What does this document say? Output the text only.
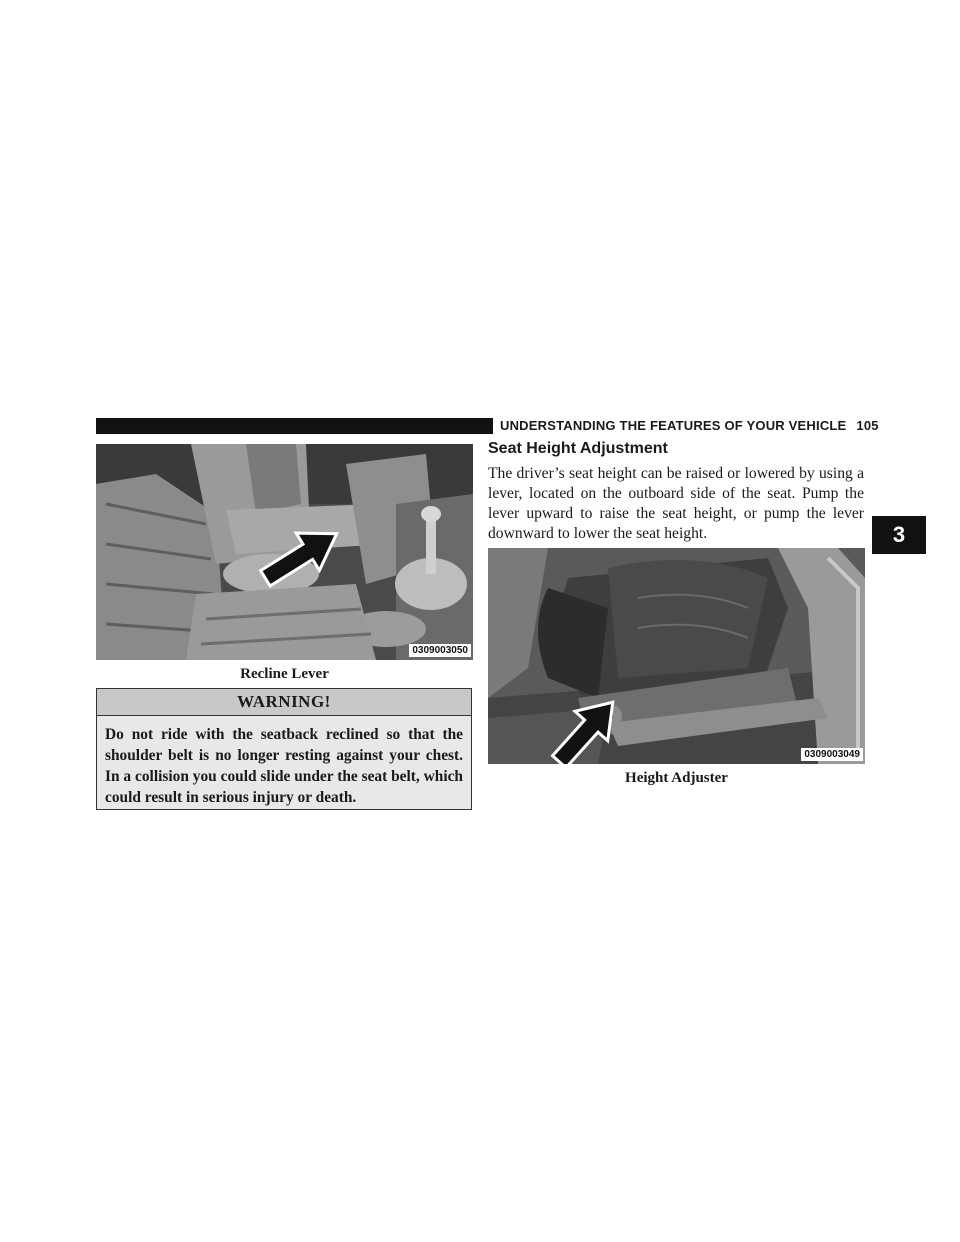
UNDERSTANDING THE FEATURES OF YOUR VEHICLE 105
3
0309003050
Recline Lever
WARNING!
Do not ride with the seatback reclined so that the shoulder belt is no longer resting against your chest. In a collision you could slide under the seat belt, which could result in serious injury or death.
Seat Height Adjustment
The driver’s seat height can be raised or lowered by using a lever, located on the outboard side of the seat. Pump the lever upward to raise the seat height, or pump the lever downward to lower the seat height.
0309003049
Height Adjuster
